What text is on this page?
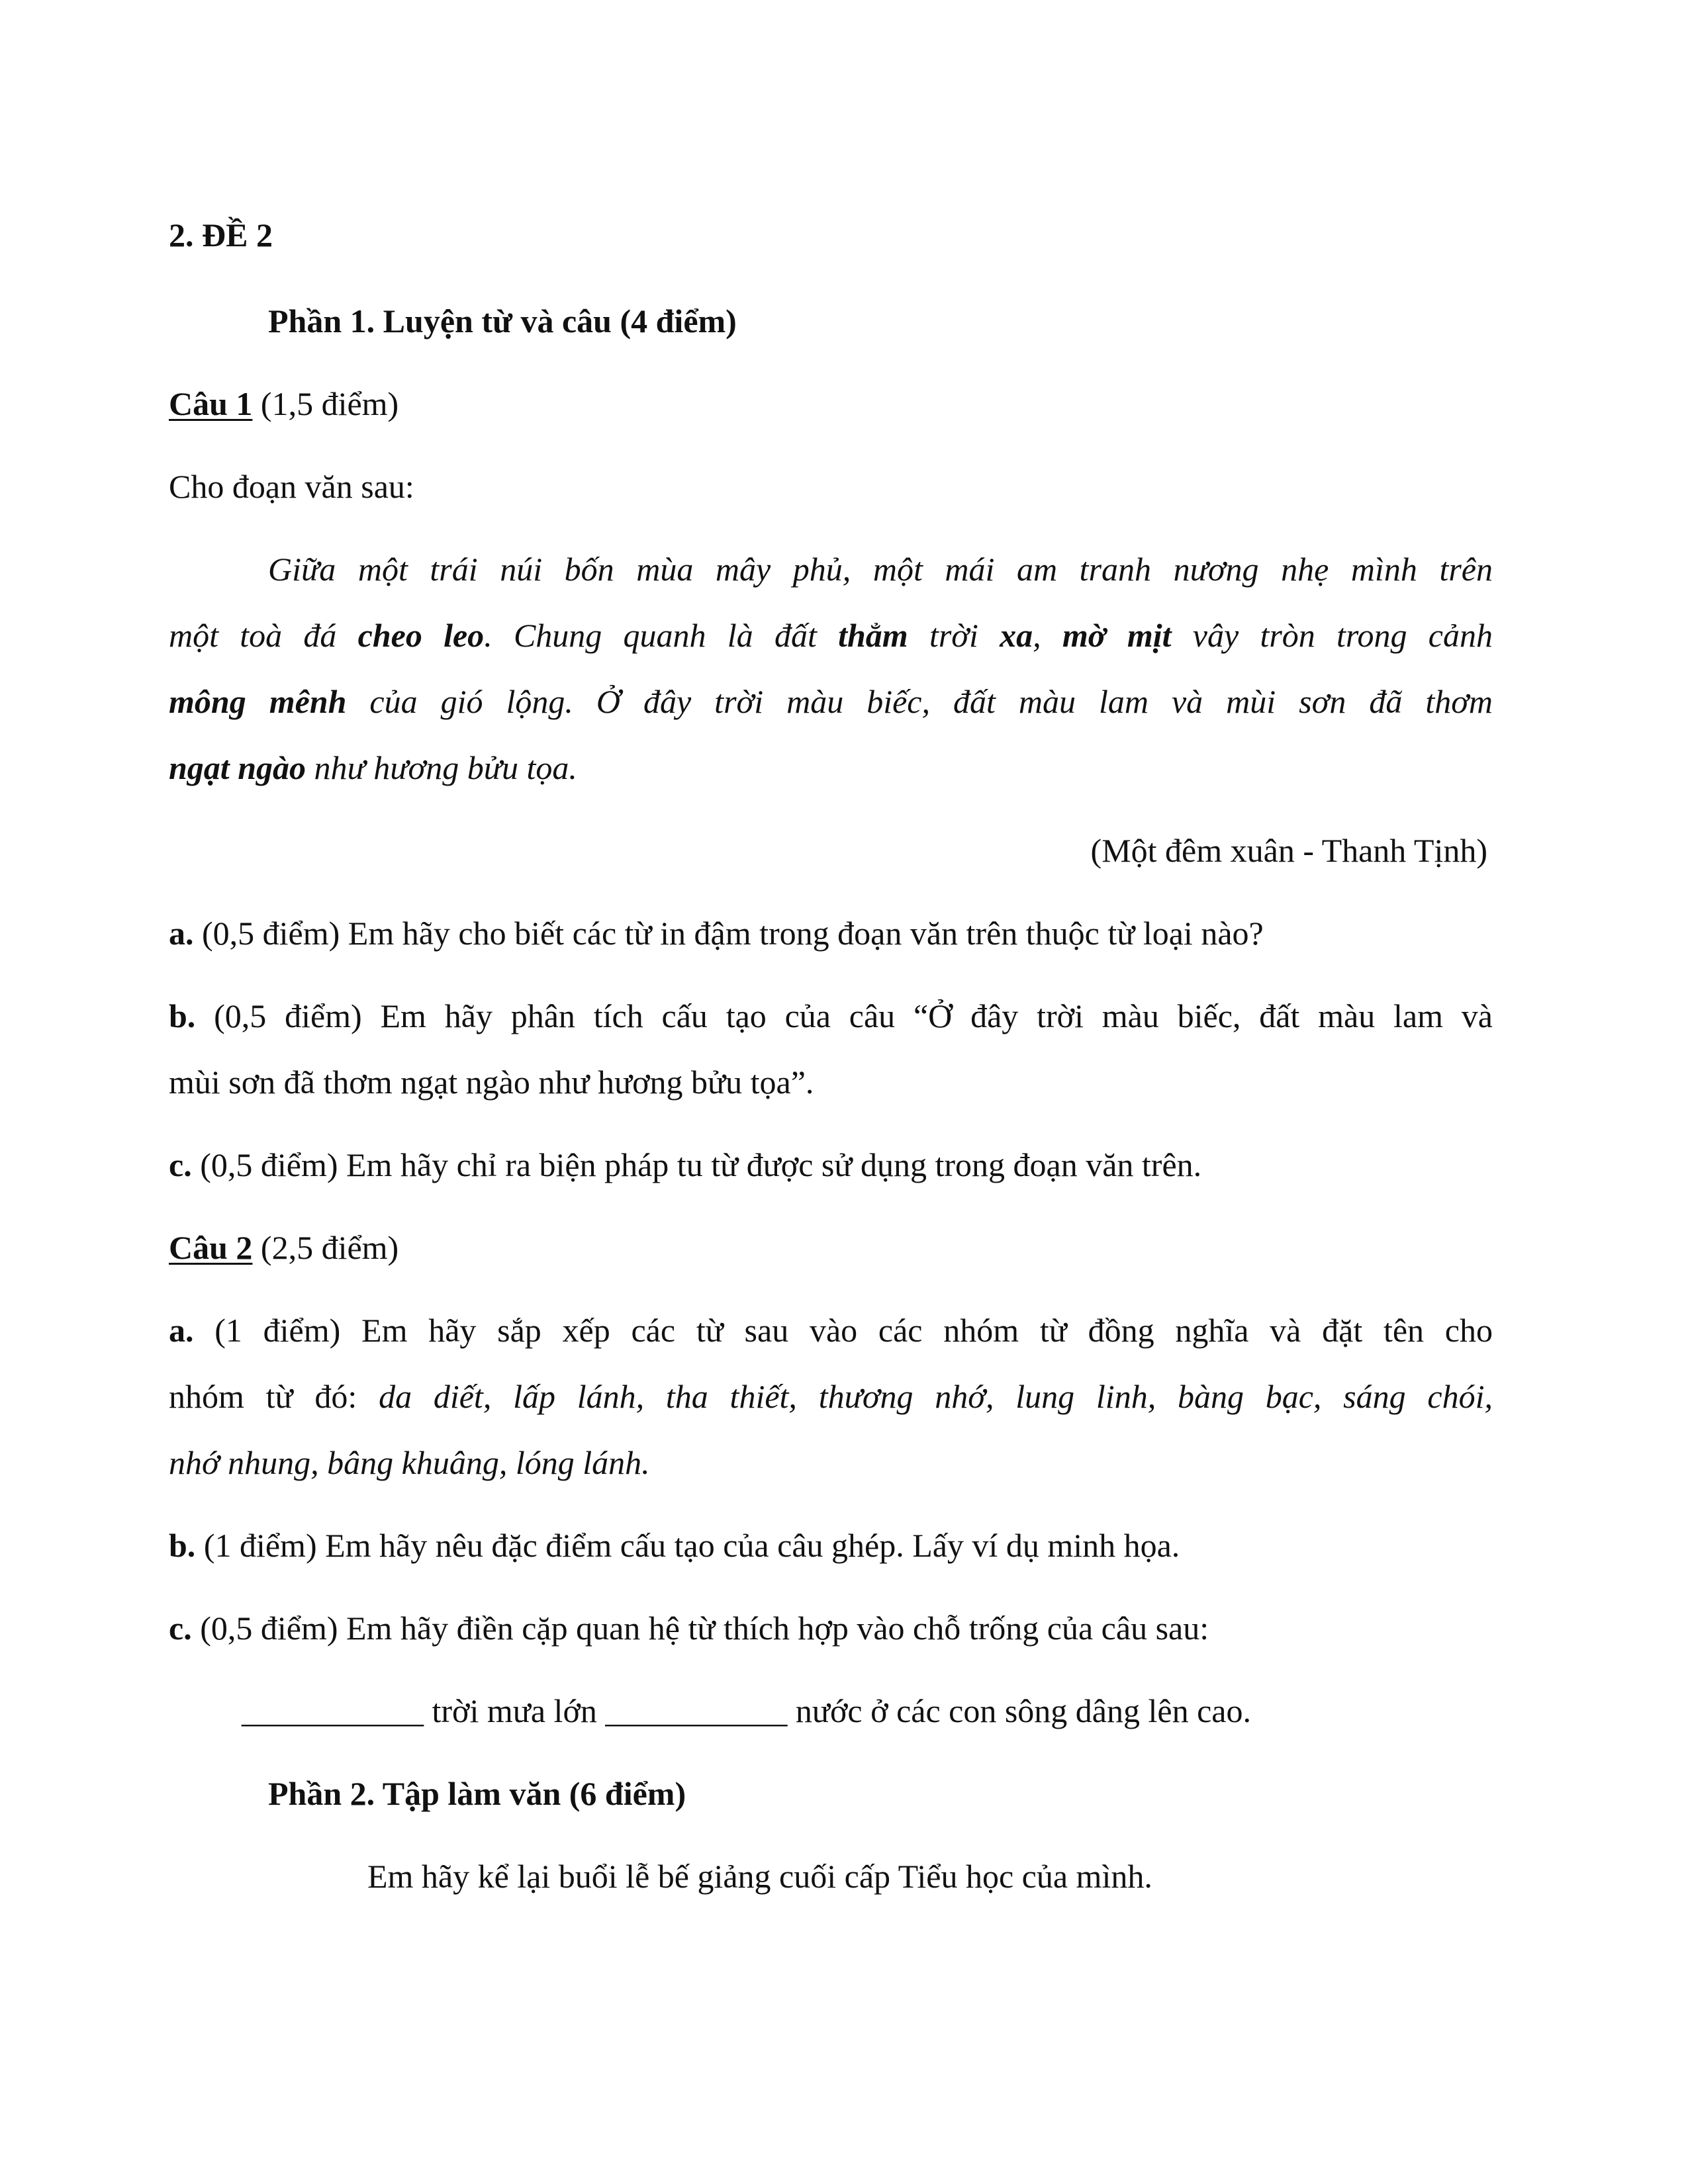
2. ĐỀ 2
Phần 1. Luyện từ và câu (4 điểm)
Câu 1 (1,5 điểm)
Cho đoạn văn sau:
Giữa một trái núi bốn mùa mây phủ, một mái am tranh nương nhẹ mình trên
một toà đá cheo leo. Chung quanh là đất thẳm trời xa, mờ mịt vây tròn trong cảnh
mông mênh của gió lộng. Ở đây trời màu biếc, đất màu lam và mùi sơn đã thơm
ngạt ngào như hương bửu tọa.
(Một đêm xuân - Thanh Tịnh)
a. (0,5 điểm) Em hãy cho biết các từ in đậm trong đoạn văn trên thuộc từ loại nào?
b. (0,5 điểm) Em hãy phân tích cấu tạo của câu “Ở đây trời màu biếc, đất màu lam và
mùi sơn đã thơm ngạt ngào như hương bửu tọa”.
c. (0,5 điểm) Em hãy chỉ ra biện pháp tu từ được sử dụng trong đoạn văn trên.
Câu 2 (2,5 điểm)
a. (1 điểm) Em hãy sắp xếp các từ sau vào các nhóm từ đồng nghĩa và đặt tên cho
nhóm từ đó: da diết, lấp lánh, tha thiết, thương nhớ, lung linh, bàng bạc, sáng chói,
nhớ nhung, bâng khuâng, lóng lánh.
b. (1 điểm) Em hãy nêu đặc điểm cấu tạo của câu ghép. Lấy ví dụ minh họa.
c. (0,5 điểm) Em hãy điền cặp quan hệ từ thích hợp vào chỗ trống của câu sau:
___________ trời mưa lớn ___________ nước ở các con sông dâng lên cao.
Phần 2. Tập làm văn (6 điểm)
Em hãy kể lại buổi lễ bế giảng cuối cấp Tiểu học của mình.
